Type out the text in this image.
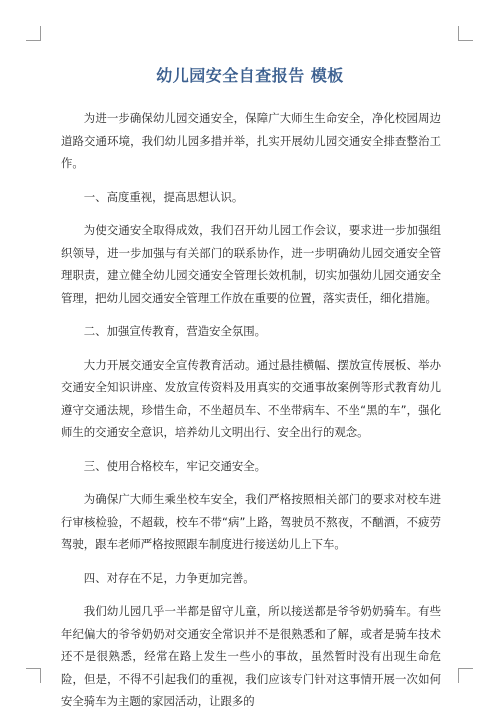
幼儿园安全自查报告 模板

为进一步确保幼儿园交通安全，保障广大师生生命安全，净化校园周边道路交通环境，我们幼儿园多措并举，扎实开展幼儿园交通安全排查整治工作。

一、高度重视，提高思想认识。

为使交通安全取得成效，我们召开幼儿园工作会议，要求进一步加强组织领导，进一步加强与有关部门的联系协作，进一步明确幼儿园交通安全管理职责，建立健全幼儿园交通安全管理长效机制，切实加强幼儿园交通安全管理，把幼儿园交通安全管理工作放在重要的位置，落实责任，细化措施。

二、加强宣传教育，营造安全氛围。

大力开展交通安全宣传教育活动。通过悬挂横幅、摆放宣传展板、举办交通安全知识讲座、发放宣传资料及用真实的交通事故案例等形式教育幼儿遵守交通法规，珍惜生命，不坐超员车、不坐带病车、不坐“黑的车”，强化师生的交通安全意识，培养幼儿文明出行、安全出行的观念。

三、使用合格校车，牢记交通安全。

为确保广大师生乘坐校车安全，我们严格按照相关部门的要求对校车进行审核检验，不超载，校车不带“病”上路，驾驶员不熬夜，不酗酒，不疲劳驾驶，跟车老师严格按照跟车制度进行接送幼儿上下车。

四、对存在不足，力争更加完善。

我们幼儿园几乎一半都是留守儿童，所以接送都是爷爷奶奶骑车。有些年纪偏大的爷爷奶奶对交通安全常识并不是很熟悉和了解，或者是骑车技术还不是很熟悉，经常在路上发生一些小的事故，虽然暂时没有出现生命危险，但是，不得不引起我们的重视，我们应该专门针对这事情开展一次如何安全骑车为主题的家园活动，让跟多的
